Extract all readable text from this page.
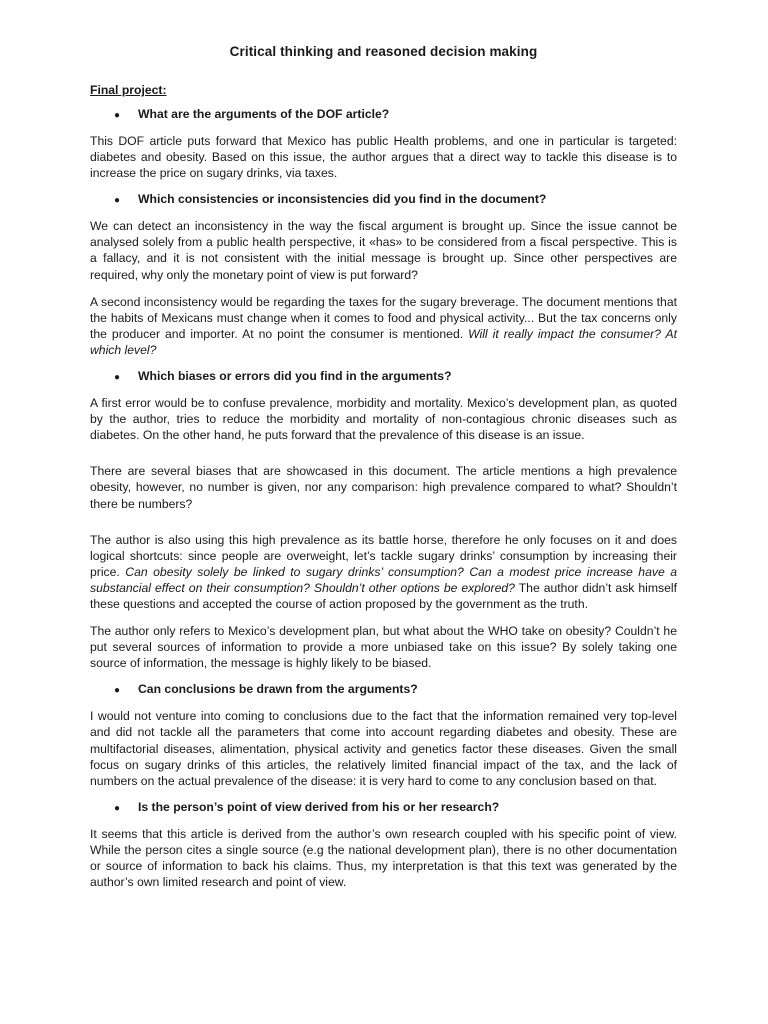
Critical thinking and reasoned decision making
Final project:
●	What are the arguments of the DOF article?

This DOF article puts forward that Mexico has public Health problems, and one in particular is targeted: diabetes and obesity. Based on this issue, the author argues that a direct way to tackle this disease is to increase the price on sugary drinks, via taxes.

●	Which consistencies or inconsistencies did you find in the document?

We can detect an inconsistency in the way the fiscal argument is brought up. Since the issue cannot be analysed solely from a public health perspective, it «has» to be considered from a fiscal perspective. This is a fallacy, and it is not consistent with the initial message is brought up. Since other perspectives are required, why only the monetary point of view is put forward?

A second inconsistency would be regarding the taxes for the sugary breverage. The document mentions that the habits of Mexicans must change when it comes to food and physical activity... But the tax concerns only the producer and importer. At no point the consumer is mentioned. Will it really impact the consumer? At which level?

●	Which biases or errors did you find in the arguments?

A first error would be to confuse prevalence, morbidity and mortality. Mexico’s development plan, as quoted by the author, tries to reduce the morbidity and mortality of non-contagious chronic diseases such as diabetes. On the other hand, he puts forward that the prevalence of this disease is an issue.

There are several biases that are showcased in this document. The article mentions a high prevalence obesity, however, no number is given, nor any comparison: high prevalence compared to what? Shouldn’t there be numbers?

The author is also using this high prevalence as its battle horse, therefore he only focuses on it and does logical shortcuts: since people are overweight, let’s tackle sugary drinks’ consumption by increasing their price. Can obesity solely be linked to sugary drinks’ consumption? Can a modest price increase have a substancial effect on their consumption? Shouldn’t other options be explored? The author didn’t ask himself these questions and accepted the course of action proposed by the government as the truth.

The author only refers to Mexico’s development plan, but what about the WHO take on obesity? Couldn’t he put several sources of information to provide a more unbiased take on this issue? By solely taking one source of information, the message is highly likely to be biased.

●	Can conclusions be drawn from the arguments?

I would not venture into coming to conclusions due to the fact that the information remained very top-level and did not tackle all the parameters that come into account regarding diabetes and obesity. These are multifactorial diseases, alimentation, physical activity and genetics factor these diseases. Given the small focus on sugary drinks of this articles, the relatively limited financial impact of the tax, and the lack of numbers on the actual prevalence of the disease: it is very hard to come to any conclusion based on that.

●	Is the person’s point of view derived from his or her research?

It seems that this article is derived from the author’s own research coupled with his specific point of view. While the person cites a single source (e.g the national development plan), there is no other documentation or source of information to back his claims. Thus, my interpretation is that this text was generated by the author’s own limited research and point of view.
